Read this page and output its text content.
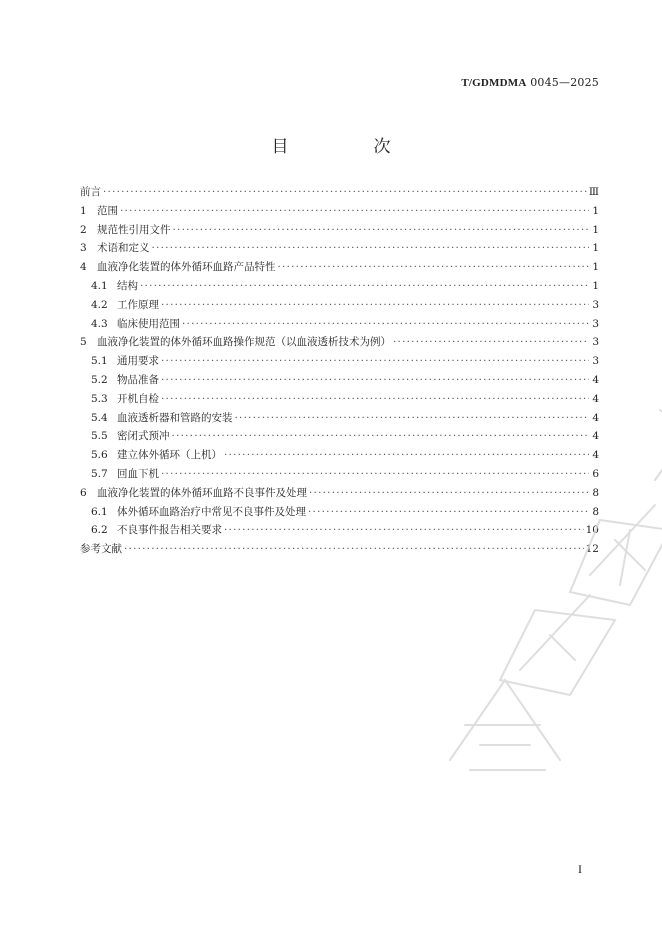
T/GDMDMA 0045—2025
目　次
前言 ·····	Ⅲ
1 范围 ·····	1
2 规范性引用文件 ·····	1
3 术语和定义 ·····	1
4 血液净化装置的体外循环血路产品特性 ·····	1
4.1 结构 ·····	1
4.2 工作原理 ·····	3
4.3 临床使用范围 ·····	3
5 血液净化装置的体外循环血路操作规范（以血液透析技术为例） ·····	3
5.1 通用要求 ·····	3
5.2 物品准备 ·····	4
5.3 开机自检 ·····	4
5.4 血液透析器和管路的安装 ·····	4
5.5 密闭式预冲 ·····	4
5.6 建立体外循环（上机） ·····	4
5.7 回血下机 ·····	6
6 血液净化装置的体外循环血路不良事件及处理 ·····	8
6.1 体外循环血路治疗中常见不良事件及处理 ·····	8
6.2 不良事件报告相关要求 ·····	10
参考文献 ·····	12
I
